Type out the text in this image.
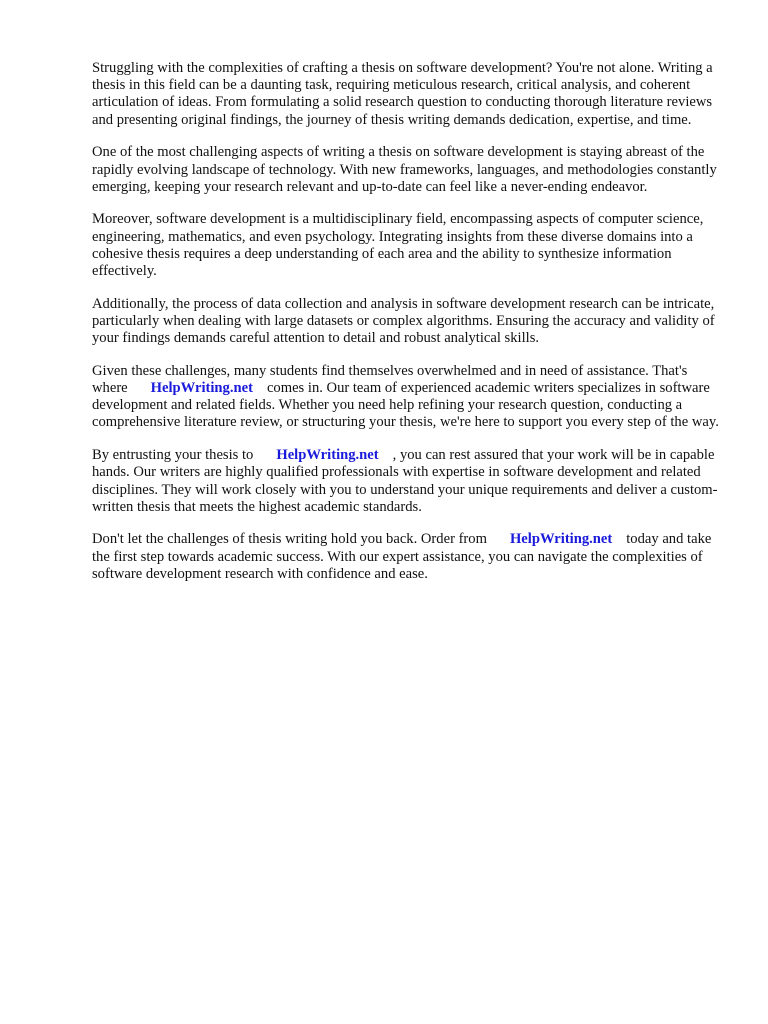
Struggling with the complexities of crafting a thesis on software development? You're not alone. Writing a thesis in this field can be a daunting task, requiring meticulous research, critical analysis, and coherent articulation of ideas. From formulating a solid research question to conducting thorough literature reviews and presenting original findings, the journey of thesis writing demands dedication, expertise, and time.

One of the most challenging aspects of writing a thesis on software development is staying abreast of the rapidly evolving landscape of technology. With new frameworks, languages, and methodologies constantly emerging, keeping your research relevant and up-to-date can feel like a never-ending endeavor.

Moreover, software development is a multidisciplinary field, encompassing aspects of computer science, engineering, mathematics, and even psychology. Integrating insights from these diverse domains into a cohesive thesis requires a deep understanding of each area and the ability to synthesize information effectively.

Additionally, the process of data collection and analysis in software development research can be intricate, particularly when dealing with large datasets or complex algorithms. Ensuring the accuracy and validity of your findings demands careful attention to detail and robust analytical skills.

Given these challenges, many students find themselves overwhelmed and in need of assistance. That's where HelpWriting.net comes in. Our team of experienced academic writers specializes in software development and related fields. Whether you need help refining your research question, conducting a comprehensive literature review, or structuring your thesis, we're here to support you every step of the way.

By entrusting your thesis to HelpWriting.net , you can rest assured that your work will be in capable hands. Our writers are highly qualified professionals with expertise in software development and related disciplines. They will work closely with you to understand your unique requirements and deliver a custom-written thesis that meets the highest academic standards.

Don't let the challenges of thesis writing hold you back. Order from HelpWriting.net today and take the first step towards academic success. With our expert assistance, you can navigate the complexities of software development research with confidence and ease.
